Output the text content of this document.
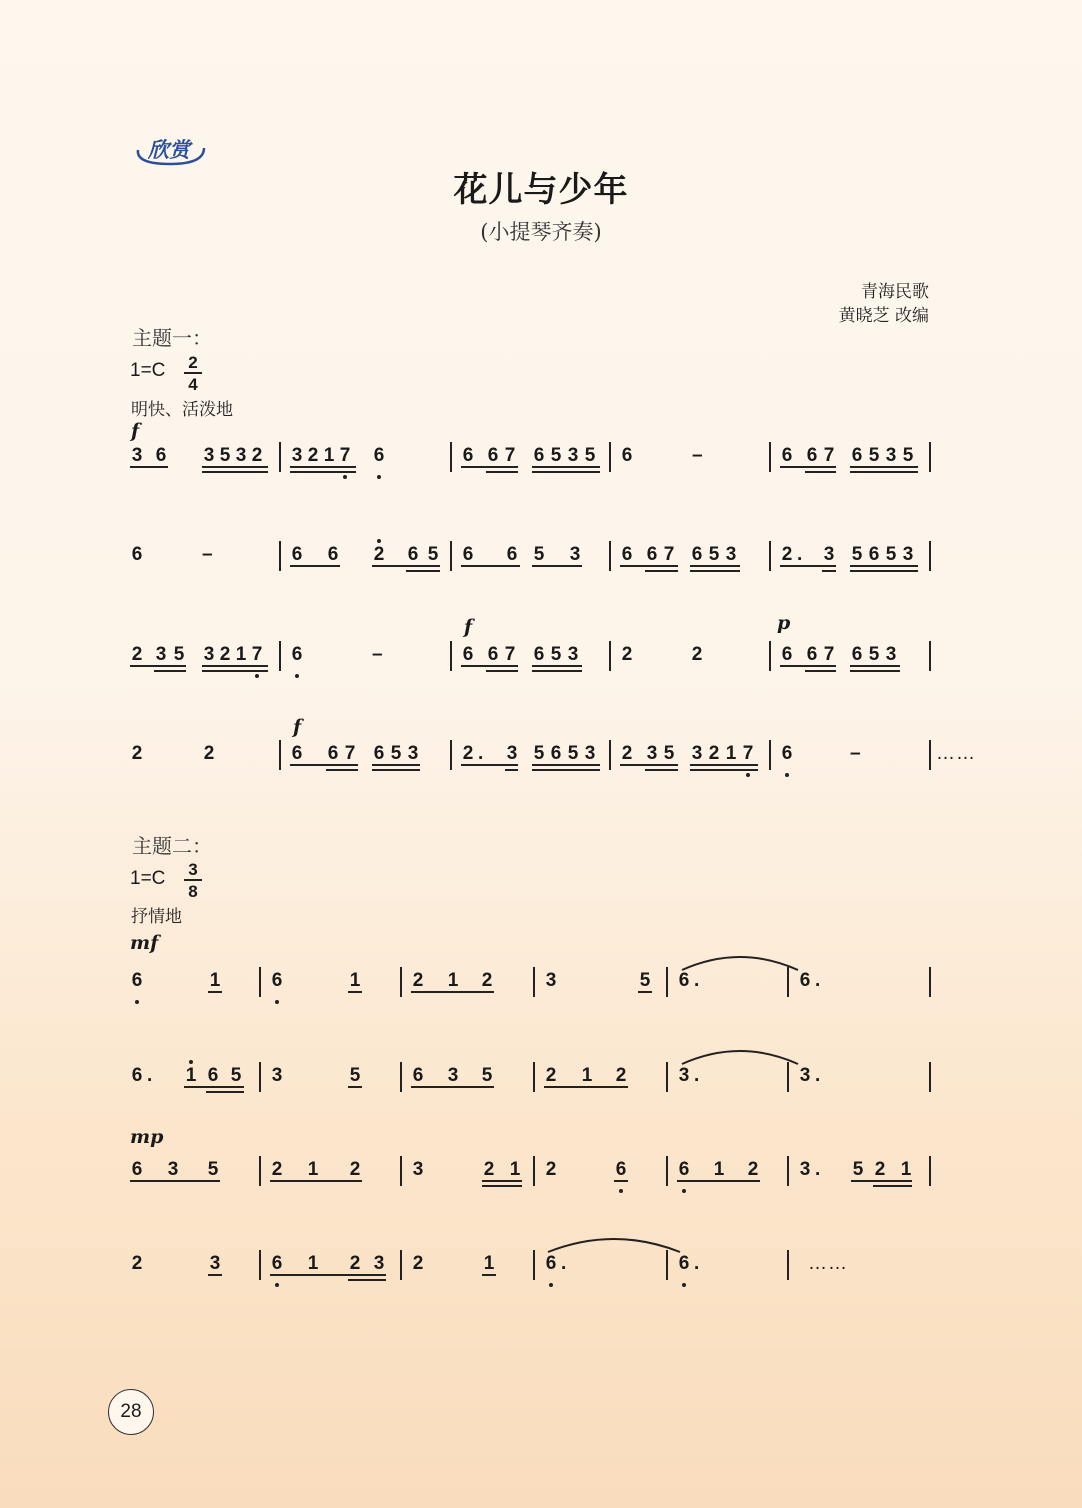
欣赏
花儿与少年
(小提琴齐奏)
青海民歌
黄晓芝 改编
主题一：
1=C 2
4
明快、活泼地
主题二：
1=C 3
8
抒情地
f
f	p
f
mf
mp
3 6 3 5 3 2 3 2 1 7 6	6 6 7 6 5 3 5 6	6 6 7 6 5 3 5
–
6	6 6 2 6 5 6 6 5 3 6 6 7 6 5 3 2 3 5 6 5 3
–	.
2 3 5 3 2 1 7 6	6 6 7 6 5 3 2	2	6 6 7 6 5 3
–
2	2	6 6 7 6 5 3 2 3 5 6 5 3 2 3 5 3 2 1 7 6	–
.	……
6	1	6	1	2 1 2	3	5 6	6
.	.
6 1 6 5 3	5	6 3 5	2 1 2	3	3
.	.	.
6 3 5	2 1 2	3	2 1 2	6	6 1 2 3 5 2 1
.
2	3	6 1 2 3 2	1	6	6
.	.	……
28
